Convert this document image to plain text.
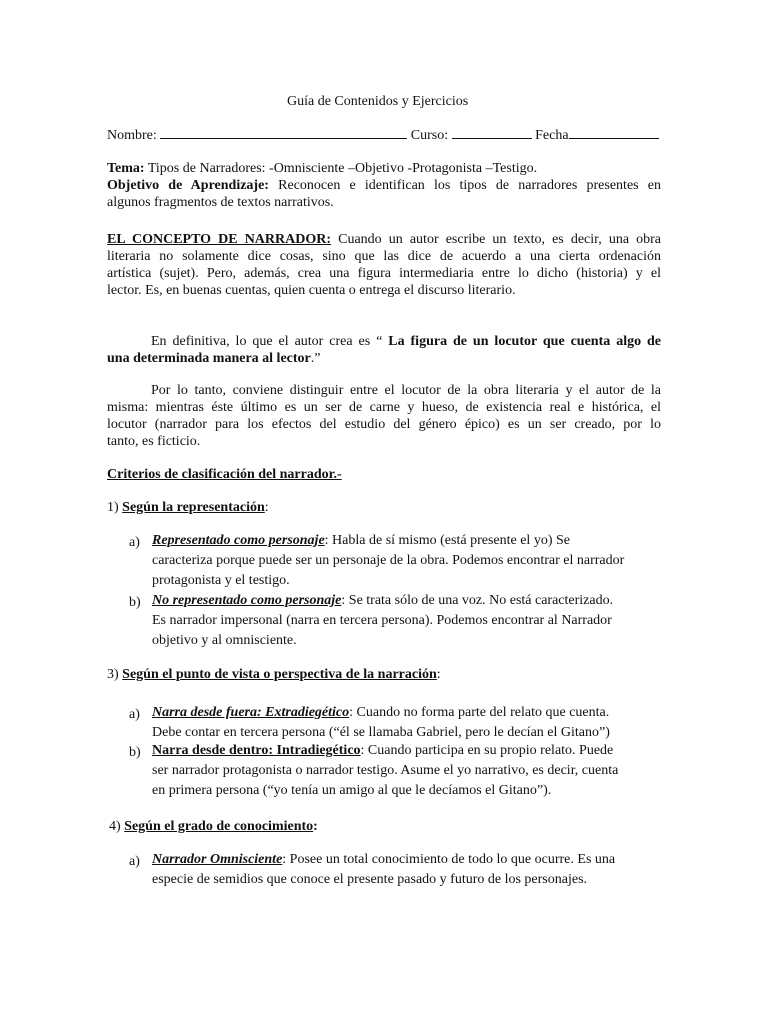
Guía de Contenidos y Ejercicios
Nombre:	Curso:	Fecha
Tema: Tipos de Narradores: -Omnisciente –Objetivo -Protagonista –Testigo.
Objetivo de Aprendizaje: Reconocen e identifican los tipos de narradores presentes en
algunos fragmentos de textos narrativos.
EL CONCEPTO DE NARRADOR: Cuando un autor escribe un texto, es decir, una obra
literaria no solamente dice cosas, sino que las dice de acuerdo a una cierta ordenación
artística (sujet). Pero, además, crea una figura intermediaria entre lo dicho (historia) y el
lector. Es, en buenas cuentas, quien cuenta o entrega el discurso literario.
En definitiva, lo que el autor crea es “ La figura de un locutor que cuenta algo de
una determinada manera al lector.”
Por lo tanto, conviene distinguir entre el locutor de la obra literaria y el autor de la
misma: mientras éste último es un ser de carne y hueso, de existencia real e histórica, el
locutor (narrador para los efectos del estudio del género épico) es un ser creado, por lo
tanto, es ficticio.
Criterios de clasificación del narrador.-
1) Según la representación:
a) Representado como personaje: Habla de sí mismo (está presente el yo) Se
caracteriza porque puede ser un personaje de la obra. Podemos encontrar el narrador
protagonista y el testigo.
b) No representado como personaje: Se trata sólo de una voz. No está caracterizado.
Es narrador impersonal (narra en tercera persona). Podemos encontrar al Narrador
objetivo y al omnisciente.
3) Según el punto de vista o perspectiva de la narración:
a) Narra desde fuera: Extradiegético: Cuando no forma parte del relato que cuenta.
Debe contar en tercera persona (“él se llamaba Gabriel, pero le decían el Gitano”)
b) Narra desde dentro: Intradiegético: Cuando participa en su propio relato. Puede
ser narrador protagonista o narrador testigo. Asume el yo narrativo, es decir, cuenta
en primera persona (“yo tenía un amigo al que le decíamos el Gitano”).
4) Según el grado de conocimiento:
a) Narrador Omnisciente: Posee un total conocimiento de todo lo que ocurre. Es una
especie de semidios que conoce el presente pasado y futuro de los personajes.
